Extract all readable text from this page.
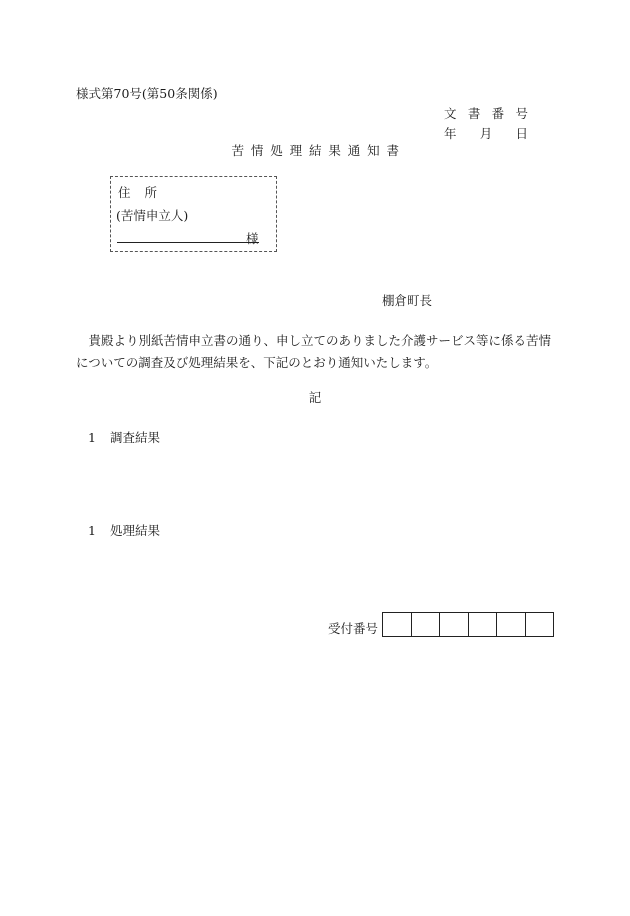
様式第70号(第50条関係)
文 書 番 号
年 月 日
苦情処理結果通知書
住 所
(苦情申立人)
様
棚倉町長
貴殿より別紙苦情申立書の通り、申し立てのありました介護サービス等に係る苦情についての調査及び処理結果を、下記のとおり通知いたします。
記
1 調査結果
1 処理結果
受付番号
